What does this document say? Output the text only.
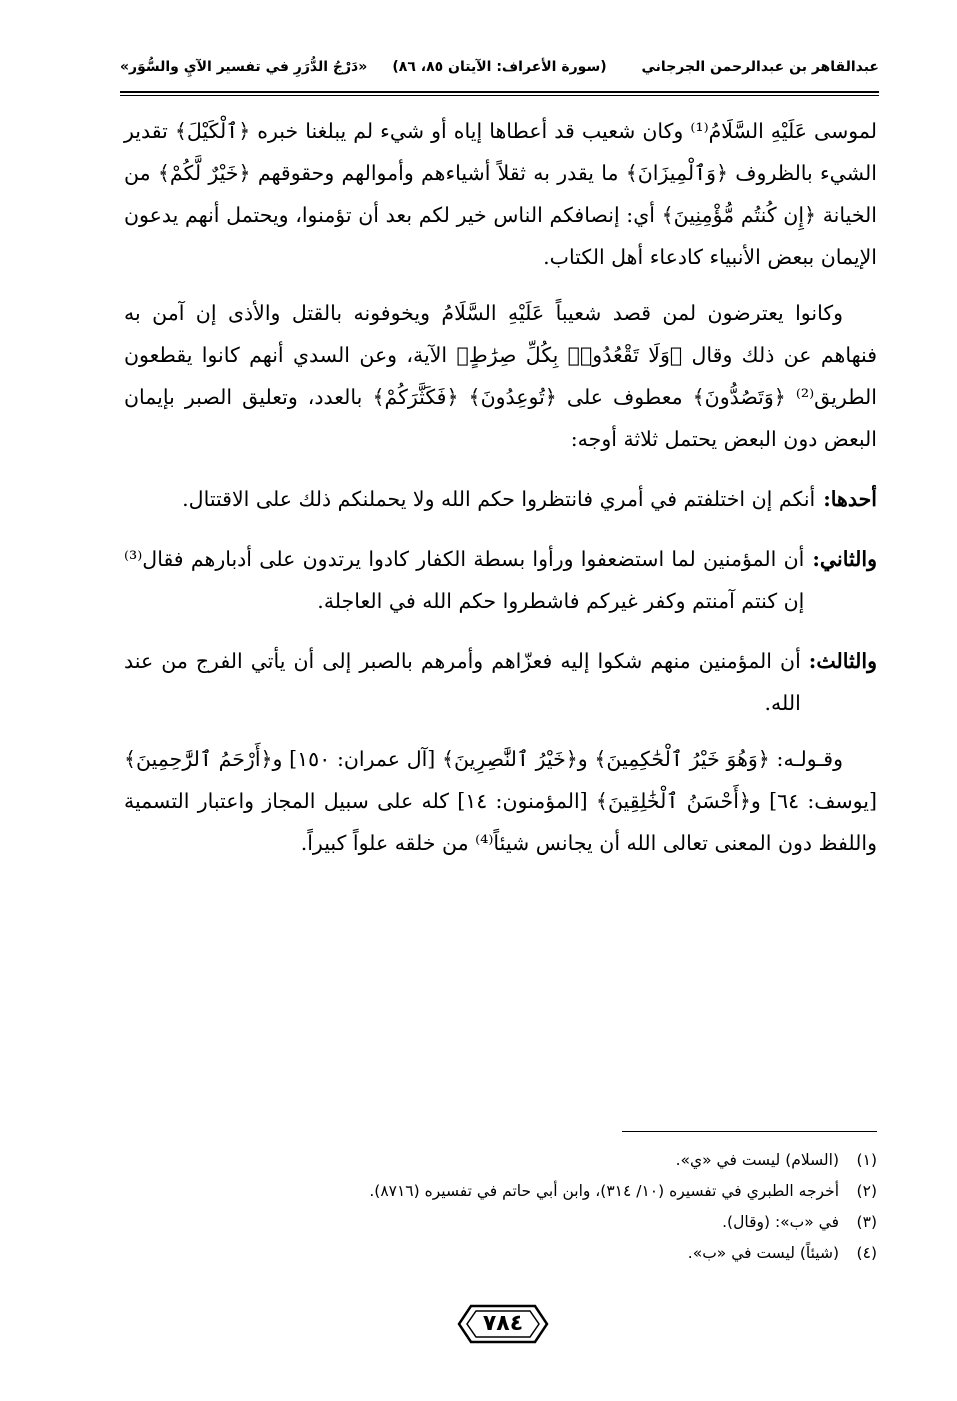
عبدالقاهر بن عبدالرحمن الجرجاني
(سورة الأعراف: الآيتان ٨٥، ٨٦)
«دَرْجُ الدُّرَرِ في تفسير الآيِ والسُّوَر»

لموسى عَلَيْهِ السَّلَامُ⁽¹⁾ وكان شعيب قد أعطاها إياه أو شيء لم يبلغنا خبره ﴿ٱلْكَيْلَ﴾ تقدير الشيء بالظروف ﴿وَٱلْمِيزَانَ﴾ ما يقدر به ثقلاً أشياءهم وأموالهم وحقوقهم ﴿خَيْرٌ لَّكُمْ﴾ من الخيانة ﴿إِن كُنتُم مُّؤْمِنِينَ﴾ أي: إنصافكم الناس خير لكم بعد أن تؤمنوا، ويحتمل أنهم يدعون الإيمان ببعض الأنبياء كادعاء أهل الكتاب.

وكانوا يعترضون لمن قصد شعيباً عَلَيْهِ السَّلَامُ ويخوفونه بالقتل والأذى إن آمن به فنهاهم عن ذلك وقال ﴿وَلَا تَقْعُدُوا۟ بِكُلِّ صِرَٰطٍ﴾ الآية، وعن السدي أنهم كانوا يقطعون الطريق⁽²⁾ ﴿وَتَصُدُّونَ﴾ معطوف على ﴿تُوعِدُونَ﴾ ﴿فَكَثَّرَكُمْ﴾ بالعدد، وتعليق الصبر بإيمان البعض دون البعض يحتمل ثلاثة أوجه:

أحدها:
أنكم إن اختلفتم في أمري فانتظروا حكم الله ولا يحملنكم ذلك على الاقتتال.
والثاني:
أن المؤمنين لما استضعفوا ورأوا بسطة الكفار كادوا يرتدون على أدبارهم فقال⁽³⁾ إن كنتم آمنتم وكفر غيركم فاشطروا حكم الله في العاجلة.
والثالث:
أن المؤمنين منهم شكوا إليه فعزّاهم وأمرهم بالصبر إلى أن يأتي الفرج من عند الله.

وقـولـه: ﴿وَهُوَ خَيْرُ ٱلْحَٰكِمِينَ﴾ و﴿خَيْرُ ٱلنَّٰصِرِينَ﴾ [آل عمران: ١٥٠] و﴿أَرْحَمُ ٱلرَّٰحِمِينَ﴾ [يوسف: ٦٤] و﴿أَحْسَنُ ٱلْخَٰلِقِينَ﴾ [المؤمنون: ١٤] كله على سبيل المجاز واعتبار التسمية واللفظ دون المعنى تعالى الله أن يجانس شيئاً⁽⁴⁾ من خلقه علواً كبيراً.

(١)(السلام) ليست في «ي».
(٢)أخرجه الطبري في تفسيره (١٠/ ٣١٤)، وابن أبي حاتم في تفسيره (٨٧١٦).
(٣)في «ب»: (وقال).
(٤)(شيئاً) ليست في «ب».
٧٨٤
